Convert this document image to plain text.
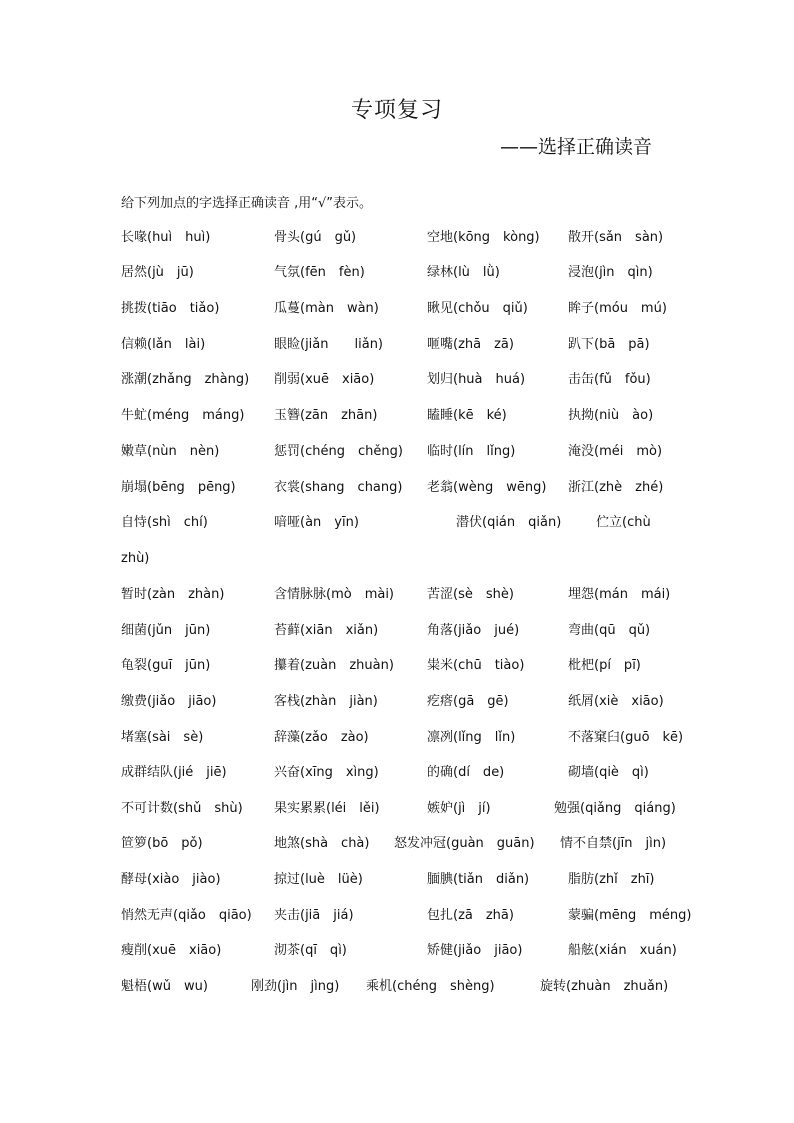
专项复习
——选择正确读音
给下列加点的字选择正确读音 ,用“√”表示。
长喙(huì　huì)	骨头(gú　gǔ)	空地(kōng　kòng) 散开(sǎn　sàn)
居然(jù　jū)	气氛(fēn　fèn)	绿林(lù　lǜ)	浸泡(jìn　qìn)
挑拨(tiāo　tiǎo)	瓜蔓(màn　wàn)	瞅见(chǒu　qiǔ)	眸子(móu　mú)
信赖(lǎn　lài)	眼睑(jiǎn　　liǎn)	咂嘴(zhā　zā)	趴下(bā　pā)
涨潮(zhǎng　zhàng) 削弱(xuē　xiāo)	划归(huà　huá)	击缶(fǔ　fǒu)
牛虻(méng　máng) 玉簪(zān　zhān)	瞌睡(kē　ké)	执拗(niù　ào)
嫩草(nùn　nèn)	惩罚(chéng　chěng) 临时(lín　lǐng)	淹没(méi　mò)
崩塌(bēng　pēng)	衣裳(shang　chang) 老翁(wèng　wēng) 浙江(zhè　zhé)
自恃(shì　chí)	喑哑(àn　yīn)	潜伏(qián　qiǎn)	伫立(chù
zhù)
暂时(zàn　zhàn)	含情脉脉(mò　mài)	苦涩(sè　shè)	埋怨(mán　mái)
细菌(jǔn　jūn)	苔藓(xiān　xiǎn)	角落(jiǎo　jué)	弯曲(qū　qǔ)
龟裂(guī　jūn)	攥着(zuàn　zhuàn)	粜米(chū　tiào)	枇杷(pí　pī)
缴费(jiǎo　jiāo)	客栈(zhàn　jiàn)	疙瘩(gā　gē)	纸屑(xiè　xiāo)
堵塞(sài　sè)	辞藻(zǎo　zào)	凛冽(lǐng　lǐn)	不落窠臼(guō　kē)
成群结队(jié　jiē)	兴奋(xīng　xìng)	的确(dí　de)	砌墙(qiè　qì)
不可计数(shǔ　shù) 果实累累(léi　lěi)	嫉妒(jì　jí)	勉强(qiǎng　qiáng)
笸箩(bō　pǒ)	地煞(shà　chà) 怒发冲冠(guàn　guān) 情不自禁(jīn　jìn)
酵母(xiào　jiào)	掠过(luè　lüè)	腼腆(tiǎn　diǎn)	脂肪(zhǐ　zhī)
悄然无声(qiǎo　qiāo) 夹击(jiā　jiá)	包扎(zā　zhā)	蒙骗(mēng　méng)
瘦削(xuē　xiāo)	沏茶(qī　qì)	矫健(jiǎo　jiāo)	船舷(xián　xuán)
魁梧(wǔ　wu)	刚劲(jìn　jìng) 乘机(chéng　shèng)	旋转(zhuàn　zhuǎn)
